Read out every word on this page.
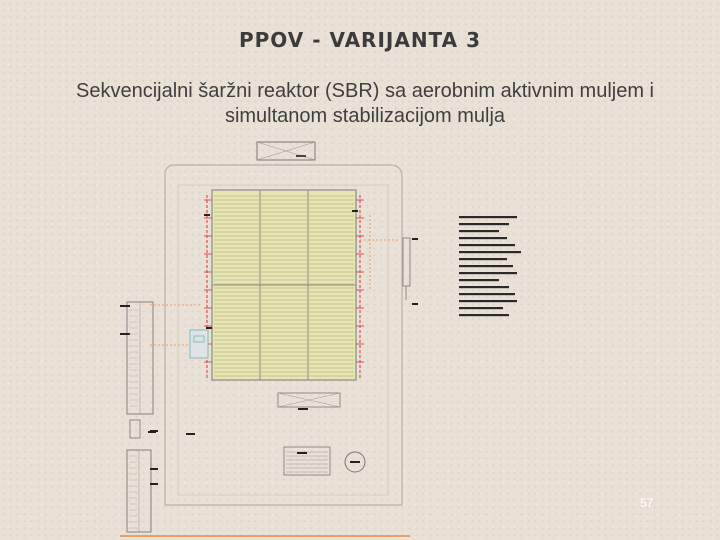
PPOV - VARIJANTA 3
Sekvencijalni šaržni reaktor (SBR) sa aerobnim aktivnim muljem i
simultanom stabilizacijom mulja
57
